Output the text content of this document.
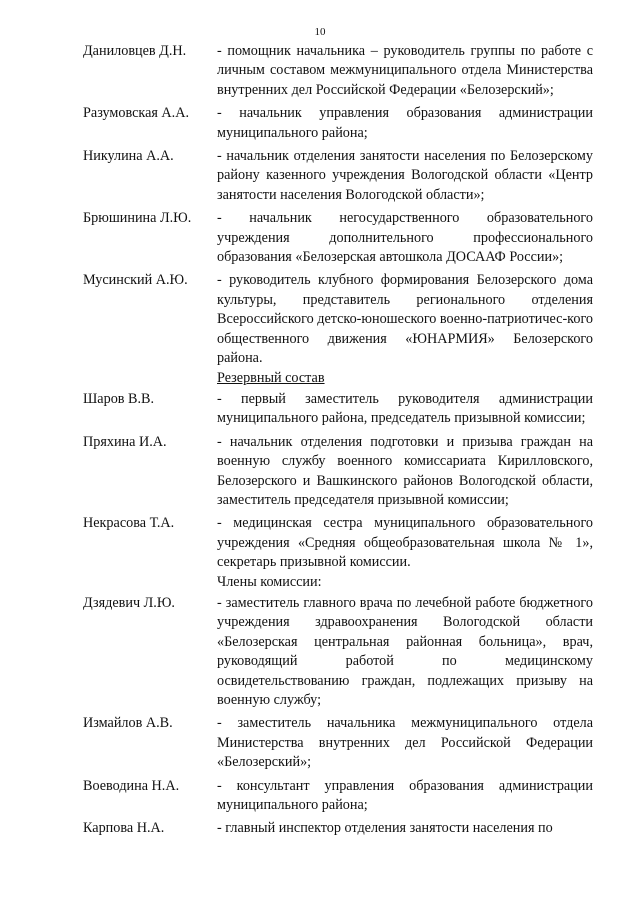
10
Даниловцев Д.Н.	- помощник начальника – руководитель группы по работе с личным составом межмуниципального отдела Министерства внутренних дел Российской Федерации «Белозерский»;
Разумовская А.А.	- начальник управления образования администрации муниципального района;
Никулина А.А.	- начальник отделения занятости населения по Белозерскому району казенного учреждения Вологодской области «Центр занятости населения Вологодской области»;
Брюшинина Л.Ю.	- начальник негосударственного образовательного учреждения дополнительного профессионального образования «Белозерская автошкола ДОСААФ России»;
Мусинский А.Ю.	- руководитель клубного формирования Белозерского дома культуры, представитель регионального отделения Всероссийского детско-юношеского военно-патриотичес-кого общественного движения «ЮНАРМИЯ» Белозерского района.
Резервный состав
Шаров В.В.	- первый заместитель руководителя администрации муниципального района, председатель призывной комиссии;
Пряхина И.А.	- начальник отделения подготовки и призыва граждан на военную службу военного комиссариата Кирилловского, Белозерского и Вашкинского районов Вологодской области, заместитель председателя призывной комиссии;
Некрасова Т.А.	- медицинская сестра муниципального образовательного учреждения «Средняя общеобразовательная школа № 1», секретарь призывной комиссии.
Члены комиссии:
Дзядевич Л.Ю.	- заместитель главного врача по лечебной работе бюджетного учреждения здравоохранения Вологодской области «Белозерская центральная районная больница», врач, руководящий работой по медицинскому освидетельствованию граждан, подлежащих призыву на военную службу;
Измайлов А.В.	- заместитель начальника межмуниципального отдела Министерства внутренних дел Российской Федерации «Белозерский»;
Воеводина Н.А.	- консультант управления образования администрации муниципального района;
Карпова Н.А.	- главный инспектор отделения занятости населения по
